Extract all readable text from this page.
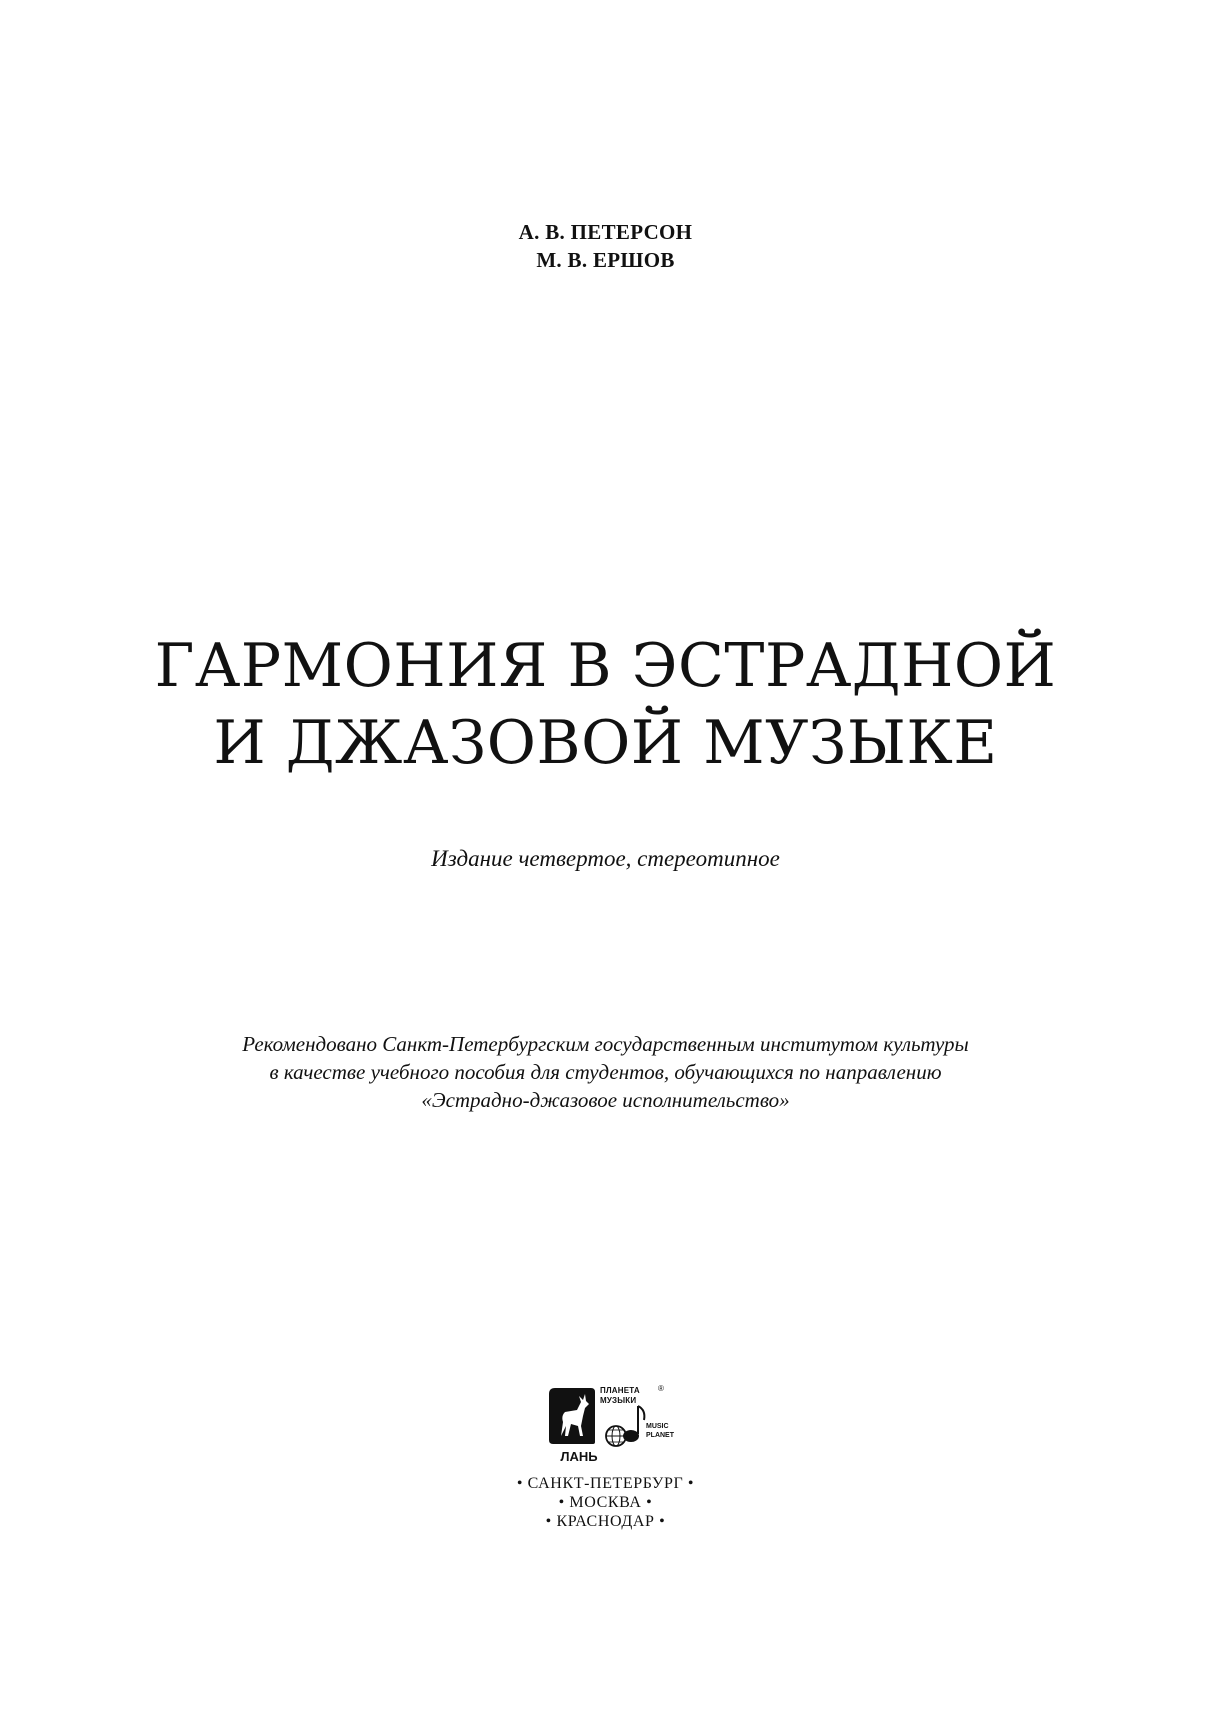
А. В. ПЕТЕРСОН
М. В. ЕРШОВ
ГАРМОНИЯ В ЭСТРАДНОЙ
И ДЖАЗОВОЙ МУЗЫКЕ
Издание четвертое, стереотипное
Рекомендовано Санкт-Петербургским государственным институтом культуры
в качестве учебного пособия для студентов, обучающихся по направлению
«Эстрадно-джазовое исполнительство»
ЛАНЬ
ПЛАНЕТА
МУЗЫКИ
®
MUSIC
PLANET
• САНКТ-ПЕТЕРБУРГ •
• МОСКВА •
• КРАСНОДАР •
